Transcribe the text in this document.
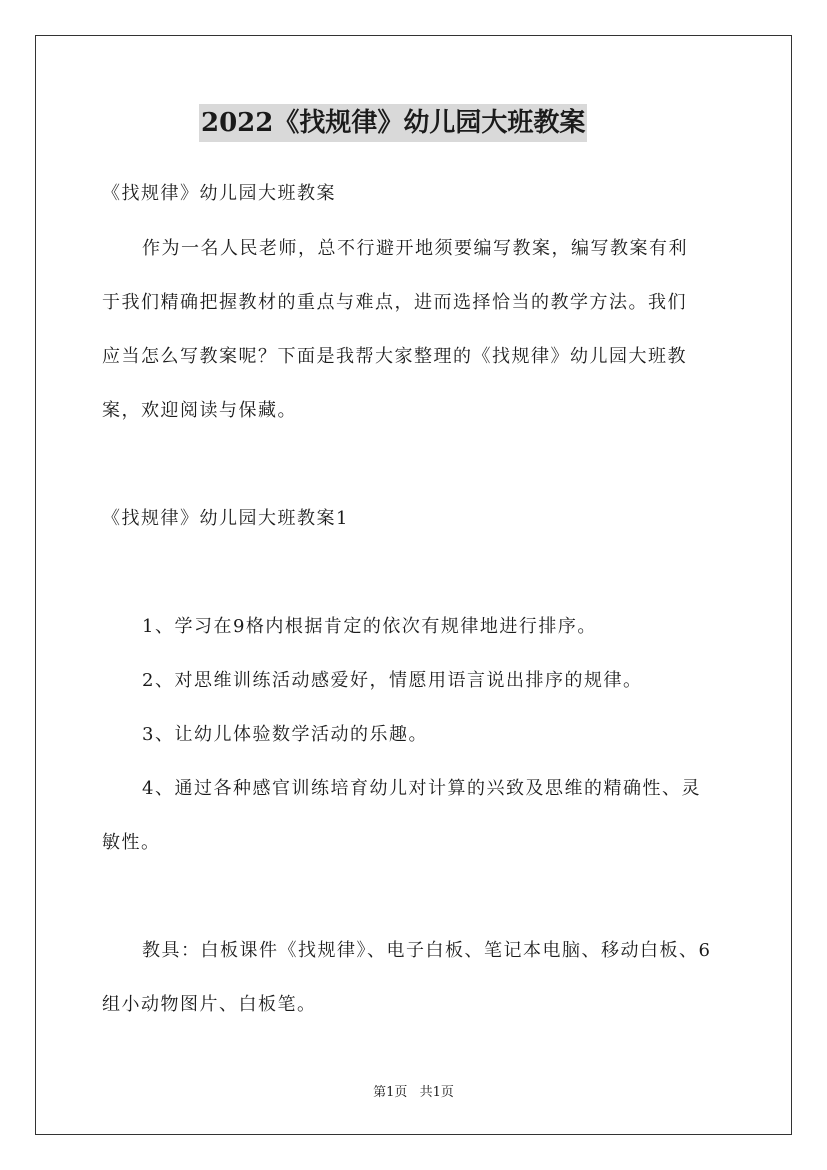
2022《找规律》幼儿园大班教案
《找规律》幼儿园大班教案
作为一名人民老师，总不行避开地须要编写教案，编写教案有利
于我们精确把握教材的重点与难点，进而选择恰当的教学方法。我们
应当怎么写教案呢？下面是我帮大家整理的《找规律》幼儿园大班教
案，欢迎阅读与保藏。
《找规律》幼儿园大班教案1
1、学习在9格内根据肯定的依次有规律地进行排序。
2、对思维训练活动感爱好，情愿用语言说出排序的规律。
3、让幼儿体验数学活动的乐趣。
4、通过各种感官训练培育幼儿对计算的兴致及思维的精确性、灵
敏性。
教具：白板课件《找规律》、电子白板、笔记本电脑、移动白板、6
组小动物图片、白板笔。
第1页 共1页
